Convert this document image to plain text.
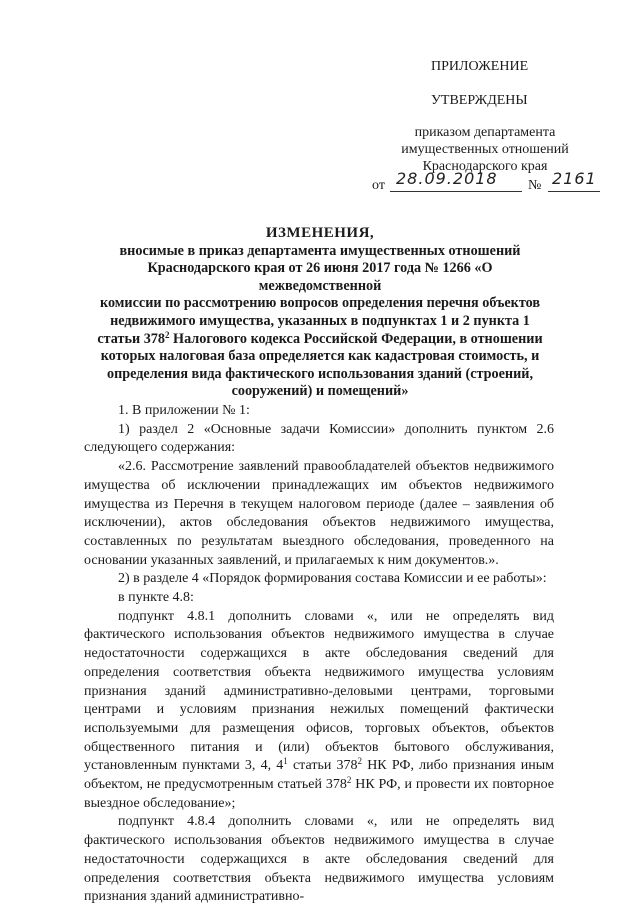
ПРИЛОЖЕНИЕ
УТВЕРЖДЕНЫ
приказом департамента
имущественных отношений
Краснодарского края
от 28.09.2018 № 2161
ИЗМЕНЕНИЯ,
вносимые в приказ департамента имущественных отношений
Краснодарского края от 26 июня 2017 года № 1266 «О межведомственной
комиссии по рассмотрению вопросов определения перечня объектов
недвижимого имущества, указанных в подпунктах 1 и 2 пункта 1
статьи $378^2$ Налогового кодекса Российской Федерации, в отношении
которых налоговая база определяется как кадастровая стоимость, и
определения вида фактического использования зданий (строений,
сооружений) и помещений»

1. В приложении № 1:

1) раздел 2 «Основные задачи Комиссии» дополнить пунктом 2.6 следующего содержания:

«2.6. Рассмотрение заявлений правообладателей объектов недвижимого имущества об исключении принадлежащих им объектов недвижимого имущества из Перечня в текущем налоговом периоде (далее – заявления об исключении), актов обследования объектов недвижимого имущества, составленных по результатам выездного обследования, проведенного на основании указанных заявлений, и прилагаемых к ним документов.».

2) в разделе 4 «Порядок формирования состава Комиссии и ее работы»:

в пункте 4.8:

подпункт 4.8.1 дополнить словами «, или не определять вид фактического использования объектов недвижимого имущества в случае недостаточности содержащихся в акте обследования сведений для определения соответствия объекта недвижимого имущества условиям признания зданий административно-деловыми центрами, торговыми центрами и условиям признания нежилых помещений фактически используемыми для размещения офисов, торговых объектов, объектов общественного питания и (или) объектов бытового обслуживания, установленным пунктами 3, 4, $4^1$ статьи $378^2$ НК РФ, либо признания иным объектом, не предусмотренным статьей $378^2$ НК РФ, и провести их повторное выездное обследование»;

подпункт 4.8.4 дополнить словами «, или не определять вид фактического использования объектов недвижимого имущества в случае недостаточности содержащихся в акте обследования сведений для определения соответствия объекта недвижимого имущества условиям признания зданий административно-
